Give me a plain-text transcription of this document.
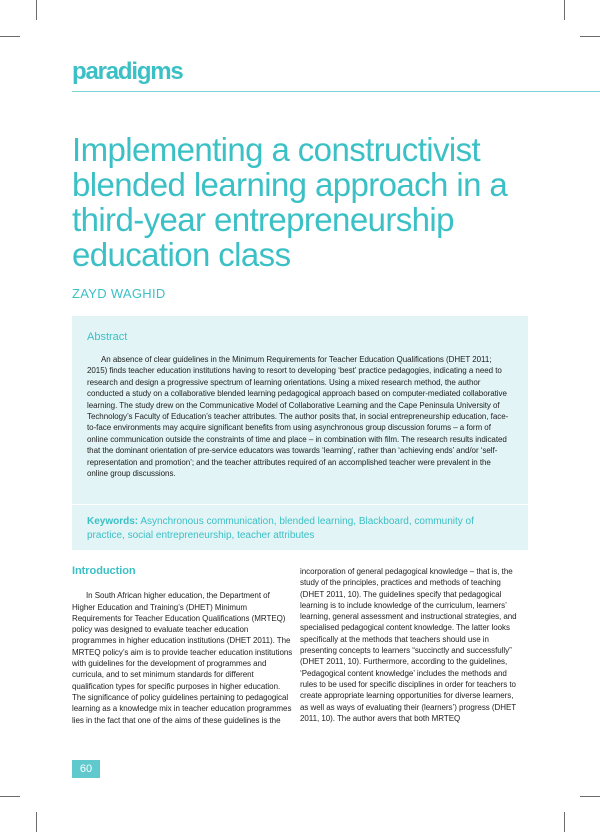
paradigms
Implementing a constructivist blended learning approach in a third-year entrepreneurship education class
ZAYD WAGHID
Abstract

An absence of clear guidelines in the Minimum Requirements for Teacher Education Qualifications (DHET 2011; 2015) finds teacher education institutions having to resort to developing ‘best’ practice pedagogies, indicating a need to research and design a progressive spectrum of learning orientations. Using a mixed research method, the author conducted a study on a collaborative blended learning pedagogical approach based on computer-mediated collaborative learning. The study drew on the Communicative Model of Collaborative Learning and the Cape Peninsula University of Technology’s Faculty of Education’s teacher attributes. The author posits that, in social entrepreneurship education, face-to-face environments may acquire significant benefits from using asynchronous group discussion forums – a form of online communication outside the constraints of time and place – in combination with film. The research results indicated that the dominant orientation of pre-service educators was towards ‘learning’, rather than ‘achieving ends’ and/or ‘self-representation and promotion’; and the teacher attributes required of an accomplished teacher were prevalent in the online group discussions.

Keywords: Asynchronous communication, blended learning, Blackboard, community of practice, social entrepreneurship, teacher attributes

Introduction

In South African higher education, the Department of Higher Education and Training’s (DHET) Minimum Requirements for Teacher Education Qualifications (MRTEQ) policy was designed to evaluate teacher education programmes in higher education institutions (DHET 2011). The MRTEQ policy’s aim is to provide teacher education institutions with guidelines for the development of programmes and curricula, and to set minimum standards for different qualification types for specific purposes in higher education. The significance of policy guidelines pertaining to pedagogical learning as a knowledge mix in teacher education programmes lies in the fact that one of the aims of these guidelines is the

incorporation of general pedagogical knowledge – that is, the study of the principles, practices and methods of teaching (DHET 2011, 10). The guidelines specify that pedagogical learning is to include knowledge of the curriculum, learners’ learning, general assessment and instructional strategies, and specialised pedagogical content knowledge. The latter looks specifically at the methods that teachers should use in presenting concepts to learners “succinctly and successfully” (DHET 2011, 10). Furthermore, according to the guidelines, ‘Pedagogical content knowledge’ includes the methods and rules to be used for specific disciplines in order for teachers to create appropriate learning opportunities for diverse learners, as well as ways of evaluating their (learners’) progress (DHET 2011, 10). The author avers that both MRTEQ

60
